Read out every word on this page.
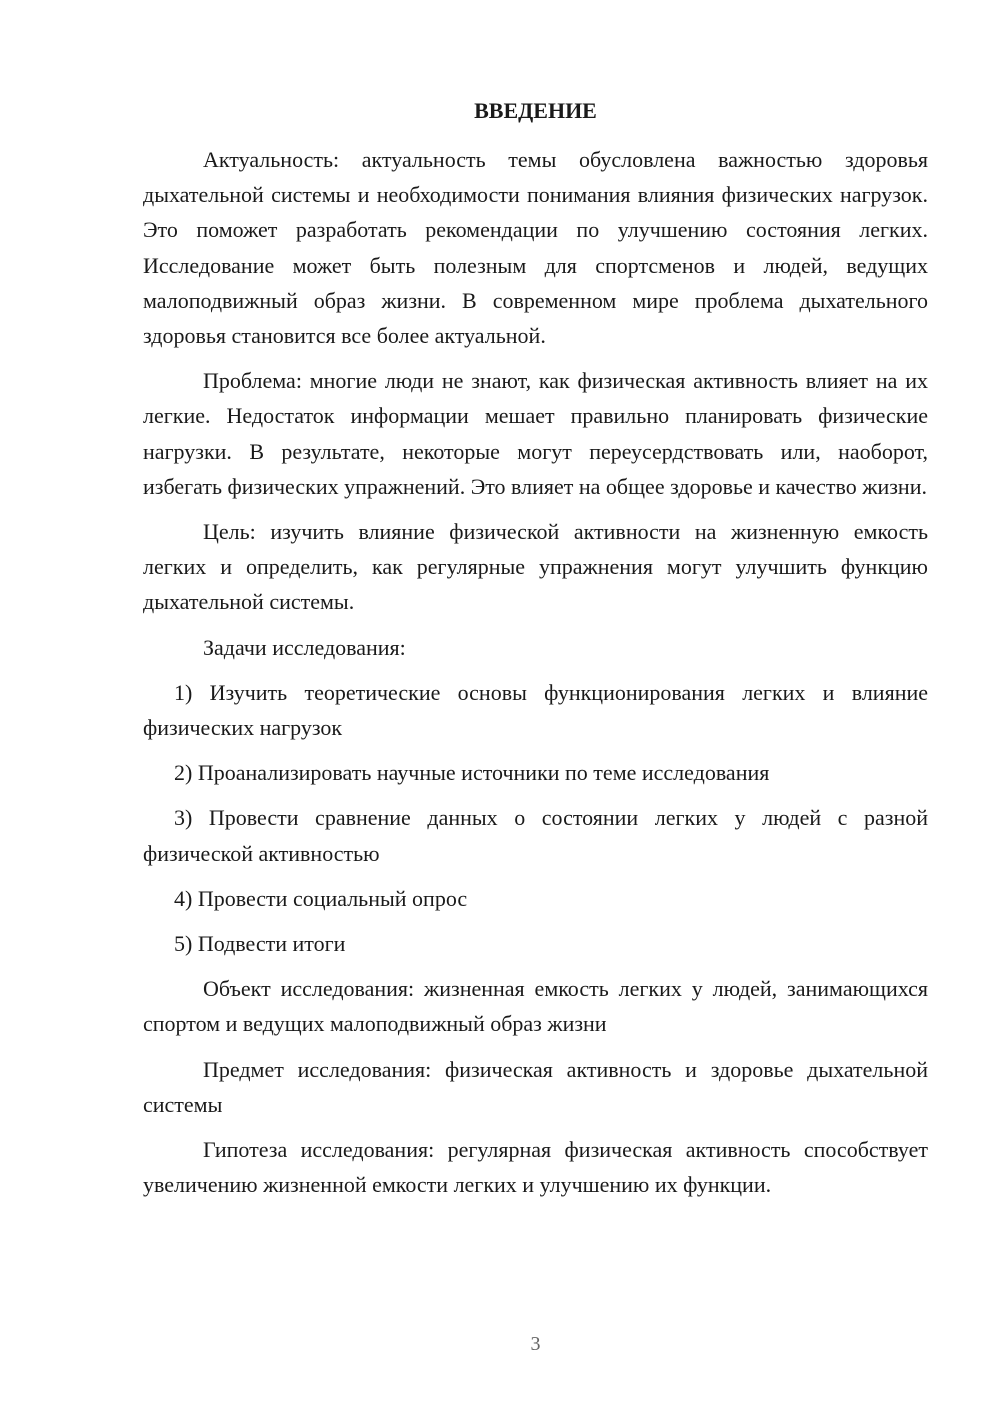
ВВЕДЕНИЕ

Актуальность: актуальность темы обусловлена важностью здоровья дыхательной системы и необходимости понимания влияния физических нагрузок. Это поможет разработать рекомендации по улучшению состояния легких. Исследование может быть полезным для спортсменов и людей, ведущих малоподвижный образ жизни. В современном мире проблема дыхательного здоровья становится все более актуальной.

Проблема: многие люди не знают, как физическая активность влияет на их легкие. Недостаток информации мешает правильно планировать физические нагрузки. В результате, некоторые могут переусердствовать или, наоборот, избегать физических упражнений. Это влияет на общее здоровье и качество жизни.

Цель: изучить влияние физической активности на жизненную емкость легких и определить, как регулярные упражнения могут улучшить функцию дыхательной системы.

Задачи исследования:

1) Изучить теоретические основы функционирования легких и влияние физических нагрузок

2) Проанализировать научные источники по теме исследования

3) Провести сравнение данных о состоянии легких у людей с разной физической активностью

4) Провести социальный опрос

5) Подвести итоги

Объект исследования: жизненная емкость легких у людей, занимающихся спортом и ведущих малоподвижный образ жизни

Предмет исследования: физическая активность и здоровье дыхательной системы

Гипотеза исследования: регулярная физическая активность способствует увеличению жизненной емкости легких и улучшению их функции.

3
